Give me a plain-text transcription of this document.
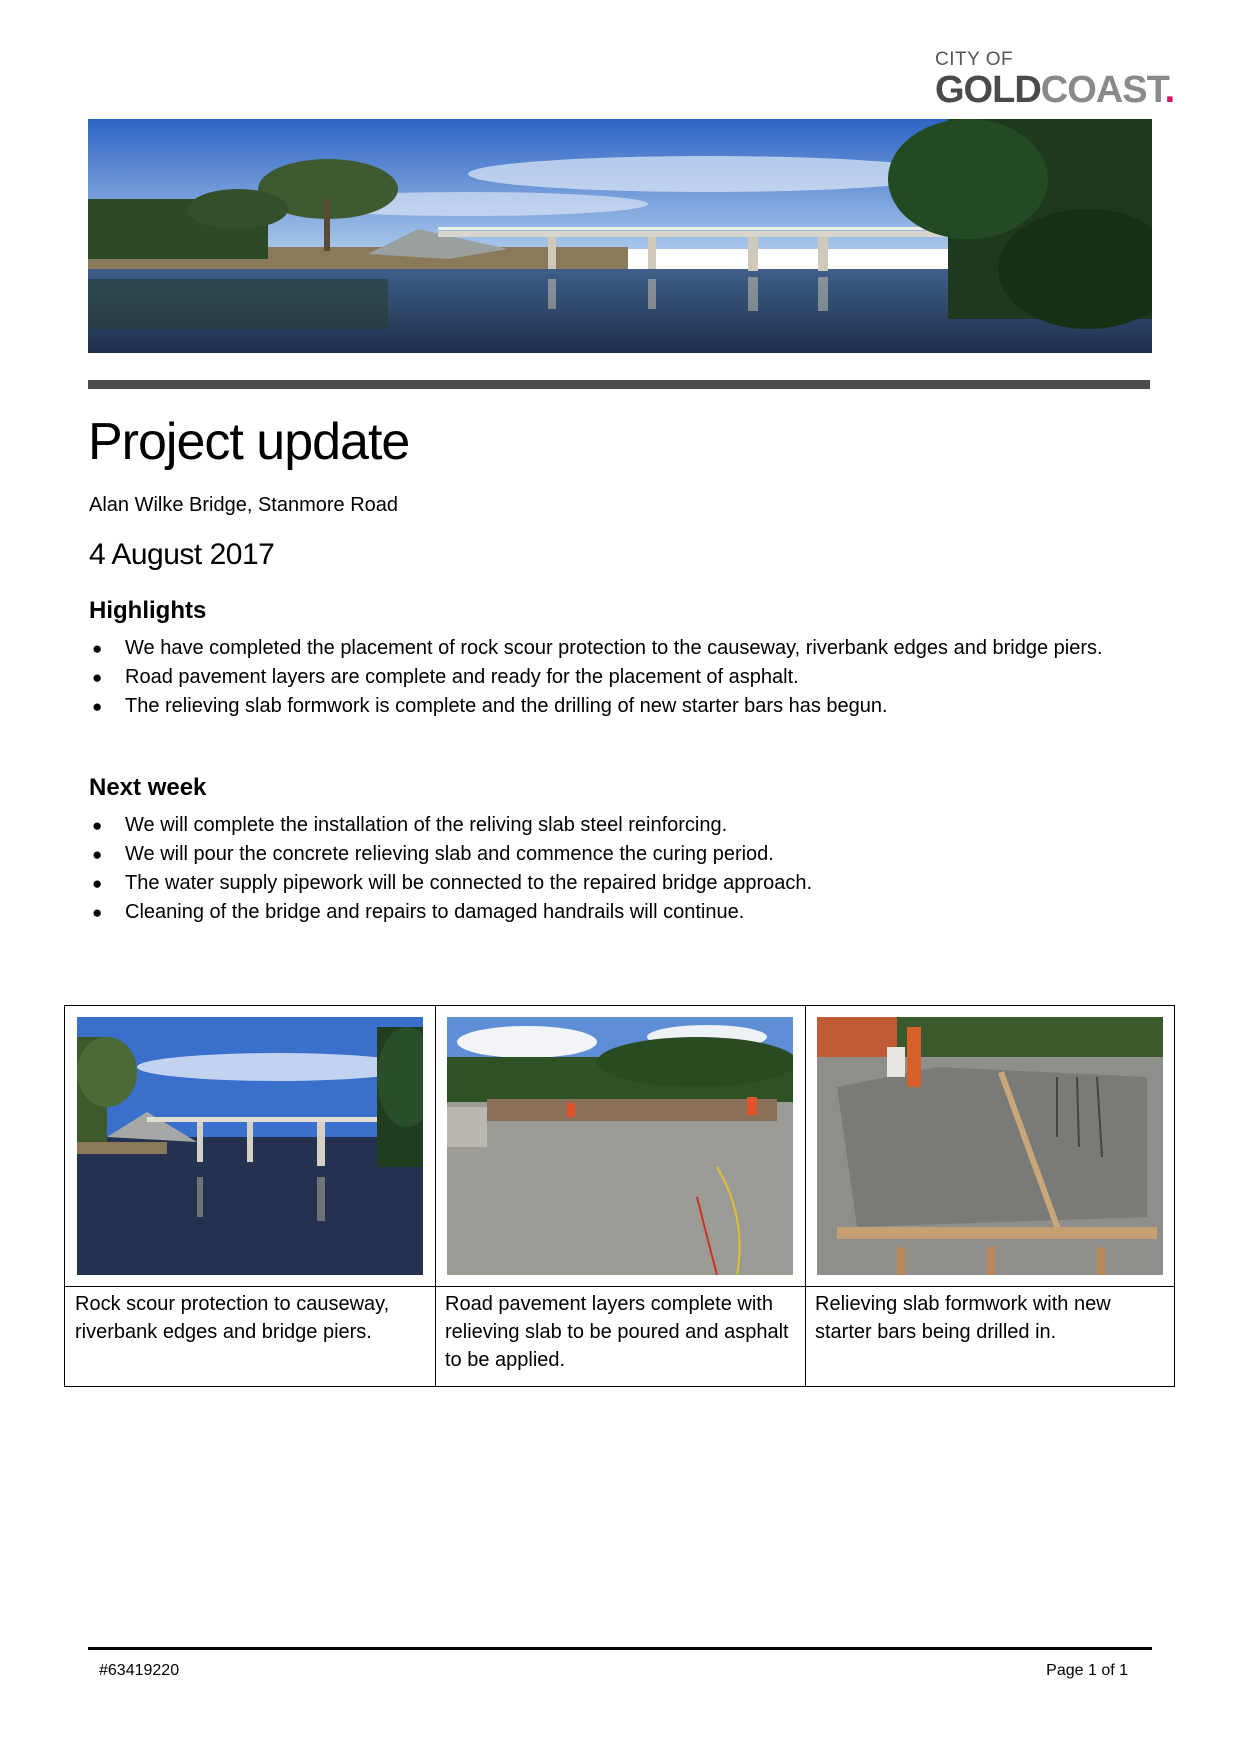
CITY OF
GOLDCOAST.
Project update
Alan Wilke Bridge, Stanmore Road
4 August 2017
Highlights
● We have completed the placement of rock scour protection to the causeway, riverbank edges and bridge piers.
● Road pavement layers are complete and ready for the placement of asphalt.
● The relieving slab formwork is complete and the drilling of new starter bars has begun.
Next week
● We will complete the installation of the reliving slab steel reinforcing.
● We will pour the concrete relieving slab and commence the curing period.
● The water supply pipework will be connected to the repaired bridge approach.
● Cleaning of the bridge and repairs to damaged handrails will continue.
Rock scour protection to causeway, riverbank edges and bridge piers.
Road pavement layers complete with relieving slab to be poured and asphalt to be applied.
Relieving slab formwork with new starter bars being drilled in.
#63419220	Page 1 of 1
